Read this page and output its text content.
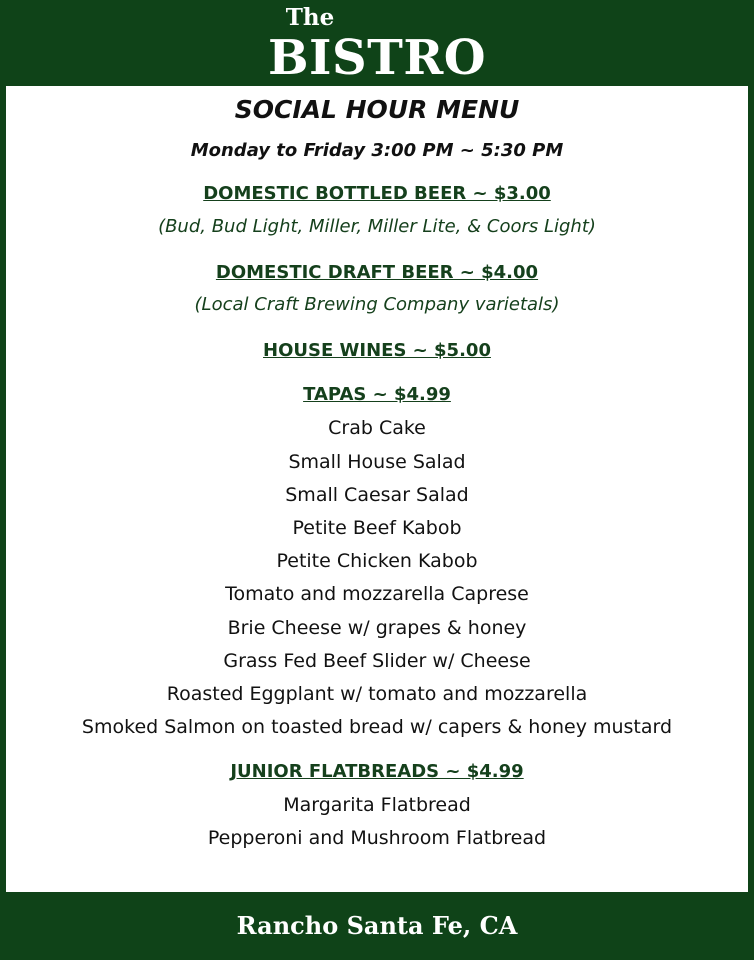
The
BISTRO
SOCIAL HOUR MENU
Monday to Friday 3:00 PM ~ 5:30 PM
DOMESTIC BOTTLED BEER ~ $3.00
(Bud, Bud Light, Miller, Miller Lite, & Coors Light)
DOMESTIC DRAFT BEER ~ $4.00
(Local Craft Brewing Company varietals)
HOUSE WINES ~ $5.00
TAPAS ~ $4.99
Crab Cake
Small House Salad
Small Caesar Salad
Petite Beef Kabob
Petite Chicken Kabob
Tomato and mozzarella Caprese
Brie Cheese w/ grapes & honey
Grass Fed Beef Slider w/ Cheese
Roasted Eggplant w/ tomato and mozzarella
Smoked Salmon on toasted bread w/ capers & honey mustard
JUNIOR FLATBREADS ~ $4.99
Margarita Flatbread
Pepperoni and Mushroom Flatbread
Rancho Santa Fe, CA
